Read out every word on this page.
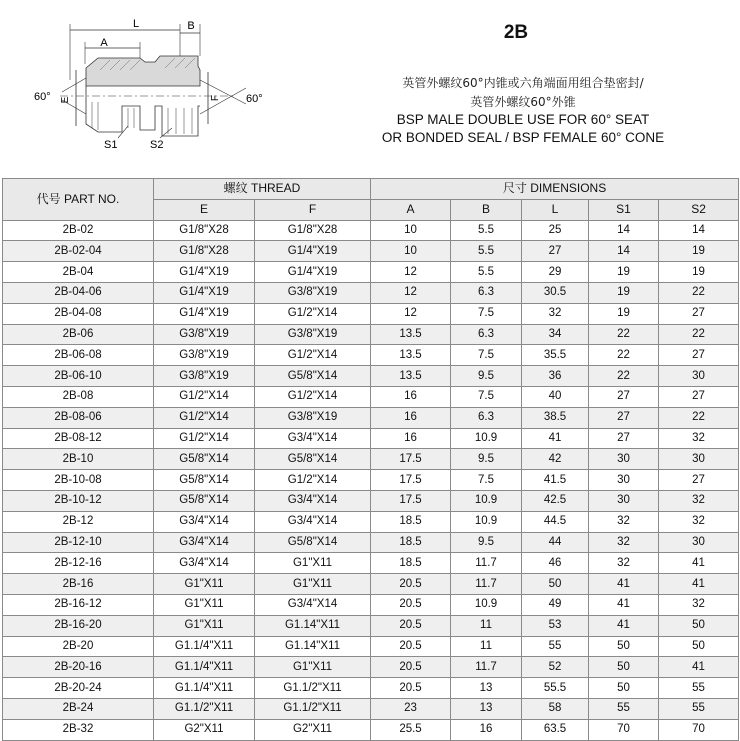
L	B
A
E	F
60°	60°
S1	S2
2B
英管外螺纹60°内锥或六角端面用组合垫密封/
英管外螺纹60°外锥
BSP MALE DOUBLE USE FOR 60° SEAT
OR BONDED SEAL / BSP FEMALE 60° CONE
代号 PART NO.	螺纹 THREAD		尺寸 DIMENSIONS				
	E	F	A	B	L	S1	S2
2B-02	G1/8"X28	G1/8"X28	10	5.5	25	14	14
2B-02-04	G1/8"X28	G1/4"X19	10	5.5	27	14	19
2B-04	G1/4"X19	G1/4"X19	12	5.5	29	19	19
2B-04-06	G1/4"X19	G3/8"X19	12	6.3	30.5	19	22
2B-04-08	G1/4"X19	G1/2"X14	12	7.5	32	19	27
2B-06	G3/8"X19	G3/8"X19	13.5	6.3	34	22	22
2B-06-08	G3/8"X19	G1/2"X14	13.5	7.5	35.5	22	27
2B-06-10	G3/8"X19	G5/8"X14	13.5	9.5	36	22	30
2B-08	G1/2"X14	G1/2"X14	16	7.5	40	27	27
2B-08-06	G1/2"X14	G3/8"X19	16	6.3	38.5	27	22
2B-08-12	G1/2"X14	G3/4"X14	16	10.9	41	27	32
2B-10	G5/8"X14	G5/8"X14	17.5	9.5	42	30	30
2B-10-08	G5/8"X14	G1/2"X14	17.5	7.5	41.5	30	27
2B-10-12	G5/8"X14	G3/4"X14	17.5	10.9	42.5	30	32
2B-12	G3/4"X14	G3/4"X14	18.5	10.9	44.5	32	32
2B-12-10	G3/4"X14	G5/8"X14	18.5	9.5	44	32	30
2B-12-16	G3/4"X14	G1"X11	18.5	11.7	46	32	41
2B-16	G1"X11	G1"X11	20.5	11.7	50	41	41
2B-16-12	G1"X11	G3/4"X14	20.5	10.9	49	41	32
2B-16-20	G1"X11	G1.14"X11	20.5	11	53	41	50
2B-20	G1.1/4"X11	G1.14"X11	20.5	11	55	50	50
2B-20-16	G1.1/4"X11	G1"X11	20.5	11.7	52	50	41
2B-20-24	G1.1/4"X11	G1.1/2"X11	20.5	13	55.5	50	55
2B-24	G1.1/2"X11	G1.1/2"X11	23	13	58	55	55
2B-32	G2"X11	G2"X11	25.5	16	63.5	70	70
